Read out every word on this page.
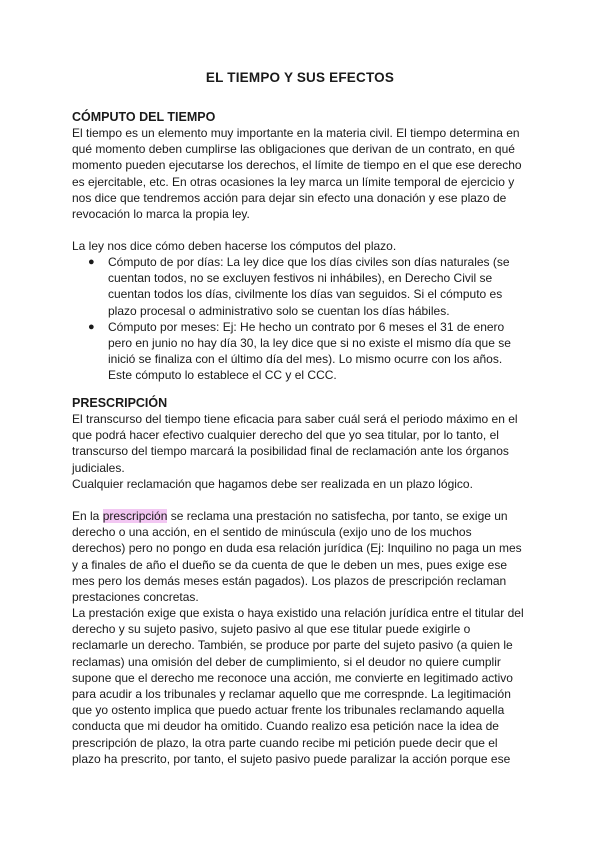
EL TIEMPO Y SUS EFECTOS
CÓMPUTO DEL TIEMPO

El tiempo es un elemento muy importante en la materia civil. El tiempo determina en qué momento deben cumplirse las obligaciones que derivan de un contrato, en qué momento pueden ejecutarse los derechos, el límite de tiempo en el que ese derecho es ejercitable, etc. En otras ocasiones la ley marca un límite temporal de ejercicio y nos dice que tendremos acción para dejar sin efecto una donación y ese plazo de revocación lo marca la propia ley.

La ley nos dice cómo deben hacerse los cómputos del plazo.

● Cómputo de por días: La ley dice que los días civiles son días naturales (se cuentan todos, no se excluyen festivos ni inhábiles), en Derecho Civil se cuentan todos los días, civilmente los días van seguidos. Si el cómputo es plazo procesal o administrativo solo se cuentan los días hábiles.
● Cómputo por meses: Ej: He hecho un contrato por 6 meses el 31 de enero pero en junio no hay día 30, la ley dice que si no existe el mismo día que se inició se finaliza con el último día del mes). Lo mismo ocurre con los años. Este cómputo lo establece el CC y el CCC.
PRESCRIPCIÓN

El transcurso del tiempo tiene eficacia para saber cuál será el periodo máximo en el que podrá hacer efectivo cualquier derecho del que yo sea titular, por lo tanto, el transcurso del tiempo marcará la posibilidad final de reclamación ante los órganos judiciales.

Cualquier reclamación que hagamos debe ser realizada en un plazo lógico.

En la prescripción se reclama una prestación no satisfecha, por tanto, se exige un derecho o una acción, en el sentido de minúscula (exijo uno de los muchos derechos) pero no pongo en duda esa relación jurídica (Ej: Inquilino no paga un mes y a finales de año el dueño se da cuenta de que le deben un mes, pues exige ese mes pero los demás meses están pagados). Los plazos de prescripción reclaman prestaciones concretas.

La prestación exige que exista o haya existido una relación jurídica entre el titular del derecho y su sujeto pasivo, sujeto pasivo al que ese titular puede exigirle o reclamarle un derecho. También, se produce por parte del sujeto pasivo (a quien le reclamas) una omisión del deber de cumplimiento, si el deudor no quiere cumplir supone que el derecho me reconoce una acción, me convierte en legitimado activo para acudir a los tribunales y reclamar aquello que me correspnde. La legitimación que yo ostento implica que puedo actuar frente los tribunales reclamando aquella conducta que mi deudor ha omitido. Cuando realizo esa petición nace la idea de prescripción de plazo, la otra parte cuando recibe mi petición puede decir que el plazo ha prescrito, por tanto, el sujeto pasivo puede paralizar la acción porque ese
